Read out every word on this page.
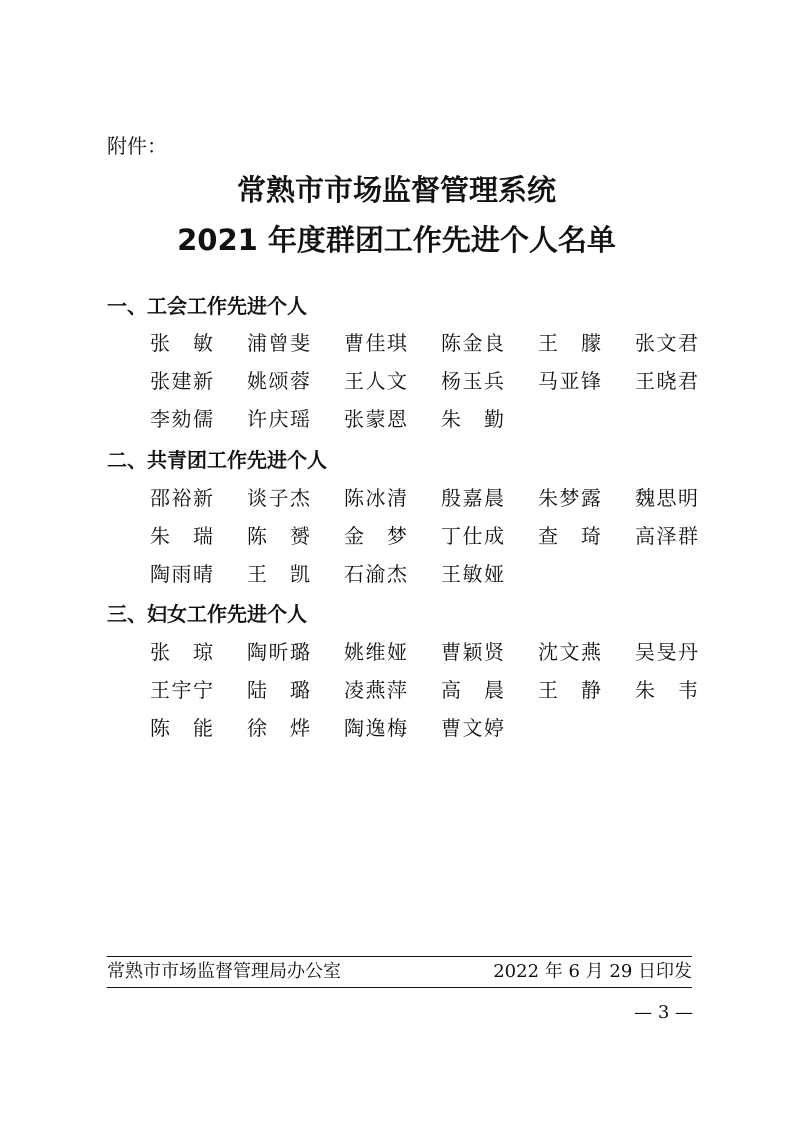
附件：
常熟市市场监督管理系统
2021 年度群团工作先进个人名单
一、工会工作先进个人
张敏 浦曾斐 曹佳琪 陈金良 王朦 张文君
张建新 姚颂蓉 王人文 杨玉兵 马亚锋 王晓君
李劾儒 许庆瑶 张蒙恩 朱勤
二、共青团工作先进个人
邵裕新 谈子杰 陈冰清 殷嘉晨 朱梦露 魏思明
朱瑞 陈赟 金梦 丁仕成 查琦 高泽群
陶雨晴 王凯 石渝杰 王敏娅
三、妇女工作先进个人
张琼 陶昕璐 姚维娅 曹颖贤 沈文燕 吴旻丹
王宇宁 陆璐 凌燕萍 高晨 王静 朱韦
陈能 徐烨 陶逸梅 曹文婷
常熟市市场监督管理局办公室	2022 年 6 月 29 日印发
— 3 —
